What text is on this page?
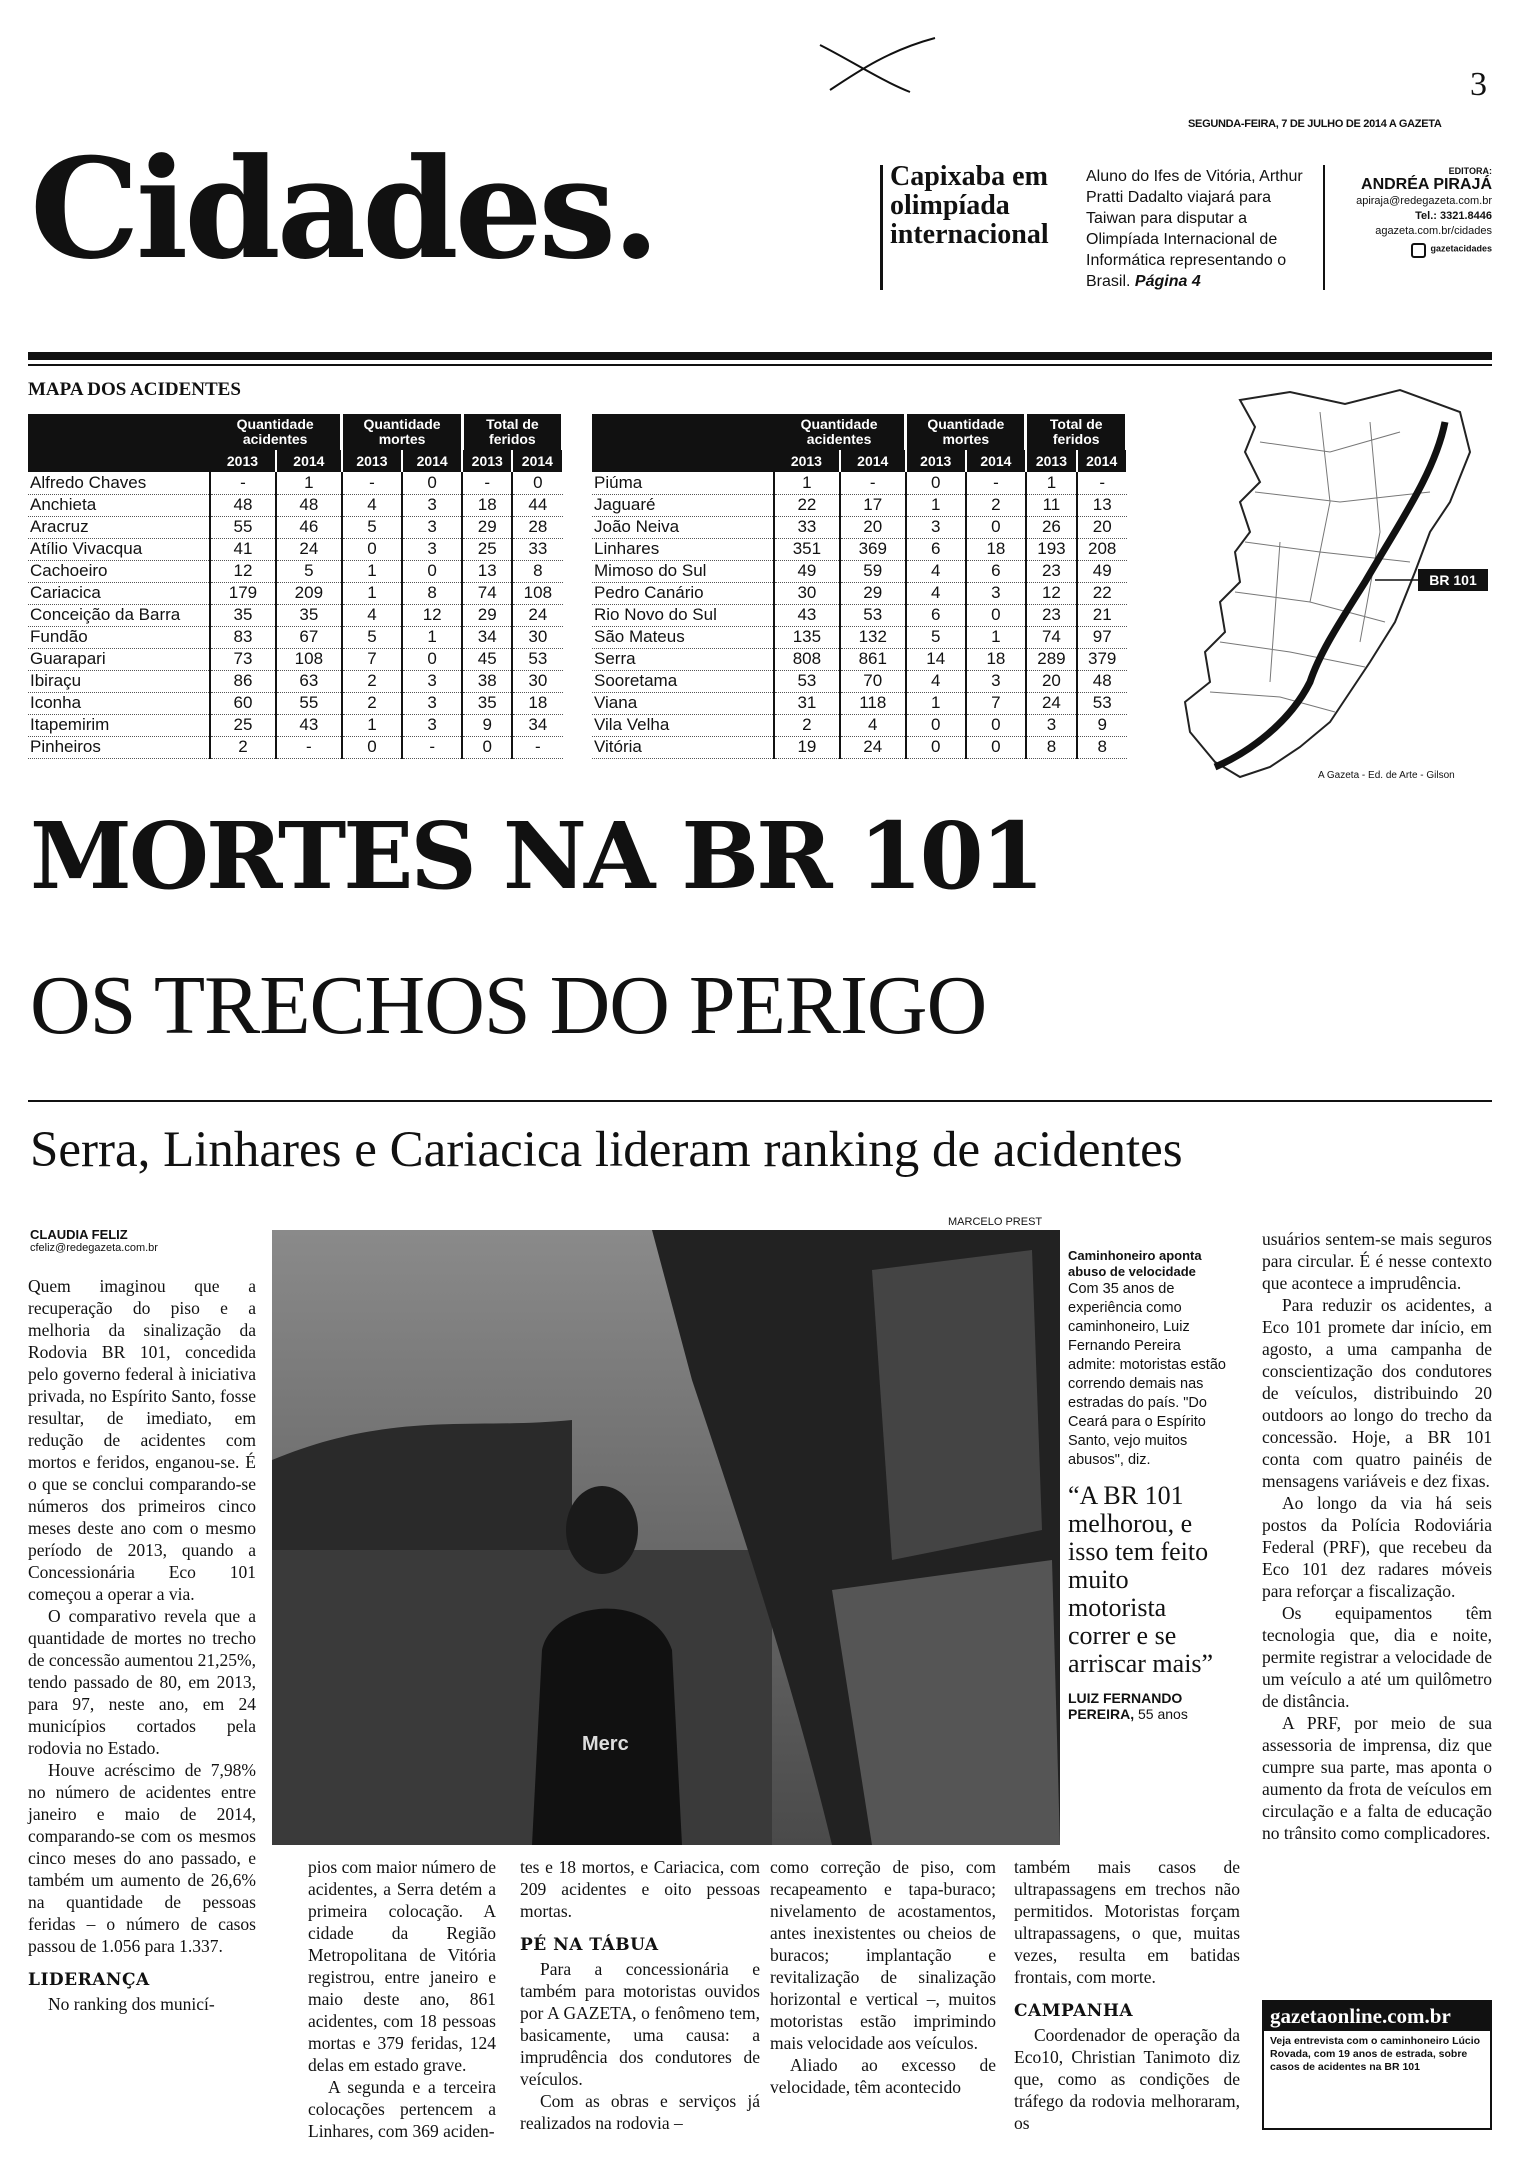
3
SEGUNDA-FEIRA, 7 DE JULHO DE 2014 A GAZETA
Cidades.	Capixaba em olimpíada internacional
Aluno do Ifes de Vitória, Arthur Pratti Dadalto viajará para Taiwan para disputar a Olimpíada Internacional de Informática representando o Brasil. Página 4
EDITORA:
ANDRÉA PIRAJÁ
apiraja@redegazeta.com.br
Tel.: 3321.8446
agazeta.com.br/cidades
gazetacidades
MAPA DOS ACIDENTES
	Quantidade acidentes		Quantidade mortes		Total de feridos	
	2013	2014	2013	2014	2013	2014
Alfredo Chaves	-	1	-	0	-	0
Anchieta	48	48	4	3	18	44
Aracruz	55	46	5	3	29	28
Atílio Vivacqua	41	24	0	3	25	33
Cachoeiro	12	5	1	0	13	8
Cariacica	179	209	1	8	74	108
Conceição da Barra	35	35	4	12	29	24
Fundão	83	67	5	1	34	30
Guarapari	73	108	7	0	45	53
Ibiraçu	86	63	2	3	38	30
Iconha	60	55	2	3	35	18
Itapemirim	25	43	1	3	9	34
Pinheiros	2	-	0	-	0	-
	Quantidade acidentes		Quantidade mortes		Total de feridos	
	2013	2014	2013	2014	2013	2014
Piúma	1	-	0	-	1	-
Jaguaré	22	17	1	2	11	13
João Neiva	33	20	3	0	26	20
Linhares	351	369	6	18	193	208
Mimoso do Sul	49	59	4	6	23	49
Pedro Canário	30	29	4	3	12	22
Rio Novo do Sul	43	53	6	0	23	21
São Mateus	135	132	5	1	74	97
Serra	808	861	14	18	289	379
Sooretama	53	70	4	3	20	48
Viana	31	118	1	7	24	53
Vila Velha	2	4	0	0	3	9
Vitória	19	24	0	0	8	8
BR 101
A Gazeta - Ed. de Arte - Gilson
MORTES NA BR 101
OS TRECHOS DO PERIGO
Serra, Linhares e Cariacica lideram ranking de acidentes
CLAUDIA FELIZ
cfeliz@redegazeta.com.br

Quem imaginou que a recuperação do piso e a melhoria da sinalização da Rodovia BR 101, concedida pelo governo federal à iniciativa privada, no Espírito Santo, fosse resultar, de imediato, em redução de acidentes com mortos e feridos, enganou-se. É o que se conclui comparando-se números dos primeiros cinco meses deste ano com o mesmo período de 2013, quando a Concessionária Eco 101 começou a operar a via.

O comparativo revela que a quantidade de mortes no trecho de concessão aumentou 21,25%, tendo passado de 80, em 2013, para 97, neste ano, em 24 municípios cortados pela rodovia no Estado.

Houve acréscimo de 7,98% no número de acidentes entre janeiro e maio de 2014, comparando-se com os mesmos cinco meses do ano passado, e também um aumento de 26,6% na quantidade de pessoas feridas – o número de casos passou de 1.056 para 1.337.

LIDERANÇA

No ranking dos municí-

MARCELO PREST
Merc
Caminhoneiro aponta abuso de velocidade
Com 35 anos de experiência como caminhoneiro, Luiz Fernando Pereira admite: motoristas estão correndo demais nas estradas do país. "Do Ceará para o Espírito Santo, vejo muitos abusos", diz.
“A BR 101 melhorou, e isso tem feito muito motorista correr e se arriscar mais”
LUIZ FERNANDO PEREIRA, 55 anos

pios com maior número de acidentes, a Serra detém a primeira colocação. A cidade da Região Metropolitana de Vitória registrou, entre janeiro e maio deste ano, 861 acidentes, com 18 pessoas mortas e 379 feridas, 124 delas em estado grave.

A segunda e a terceira colocações pertencem a Linhares, com 369 aciden-

tes e 18 mortos, e Cariacica, com 209 acidentes e oito pessoas mortas.

PÉ NA TÁBUA

Para a concessionária e também para motoristas ouvidos por A GAZETA, o fenômeno tem, basicamente, uma causa: a imprudência dos condutores de veículos.

Com as obras e serviços já realizados na rodovia –

como correção de piso, com recapeamento e tapa-buraco; nivelamento de acostamentos, antes inexistentes ou cheios de buracos; implantação e revitalização de sinalização horizontal e vertical –, muitos motoristas estão imprimindo mais velocidade aos veículos.

Aliado ao excesso de velocidade, têm acontecido

também mais casos de ultrapassagens em trechos não permitidos. Motoristas forçam ultrapassagens, o que, muitas vezes, resulta em batidas frontais, com morte.

CAMPANHA

Coordenador de operação da Eco10, Christian Tanimoto diz que, como as condições de tráfego da rodovia melhoraram, os

usuários sentem-se mais seguros para circular. É é nesse contexto que acontece a imprudência.

Para reduzir os acidentes, a Eco 101 promete dar início, em agosto, a uma campanha de conscientização dos condutores de veículos, distribuindo 20 outdoors ao longo do trecho da concessão. Hoje, a BR 101 conta com quatro painéis de mensagens variáveis e dez fixas.

Ao longo da via há seis postos da Polícia Rodoviária Federal (PRF), que recebeu da Eco 101 dez radares móveis para reforçar a fiscalização.

Os equipamentos têm tecnologia que, dia e noite, permite registrar a velocidade de um veículo a até um quilômetro de distância.

A PRF, por meio de sua assessoria de imprensa, diz que cumpre sua parte, mas aponta o aumento da frota de veículos em circulação e a falta de educação no trânsito como complicadores.

gazetaonline.com.br
Veja entrevista com o caminhoneiro Lúcio Rovada, com 19 anos de estrada, sobre casos de acidentes na BR 101
